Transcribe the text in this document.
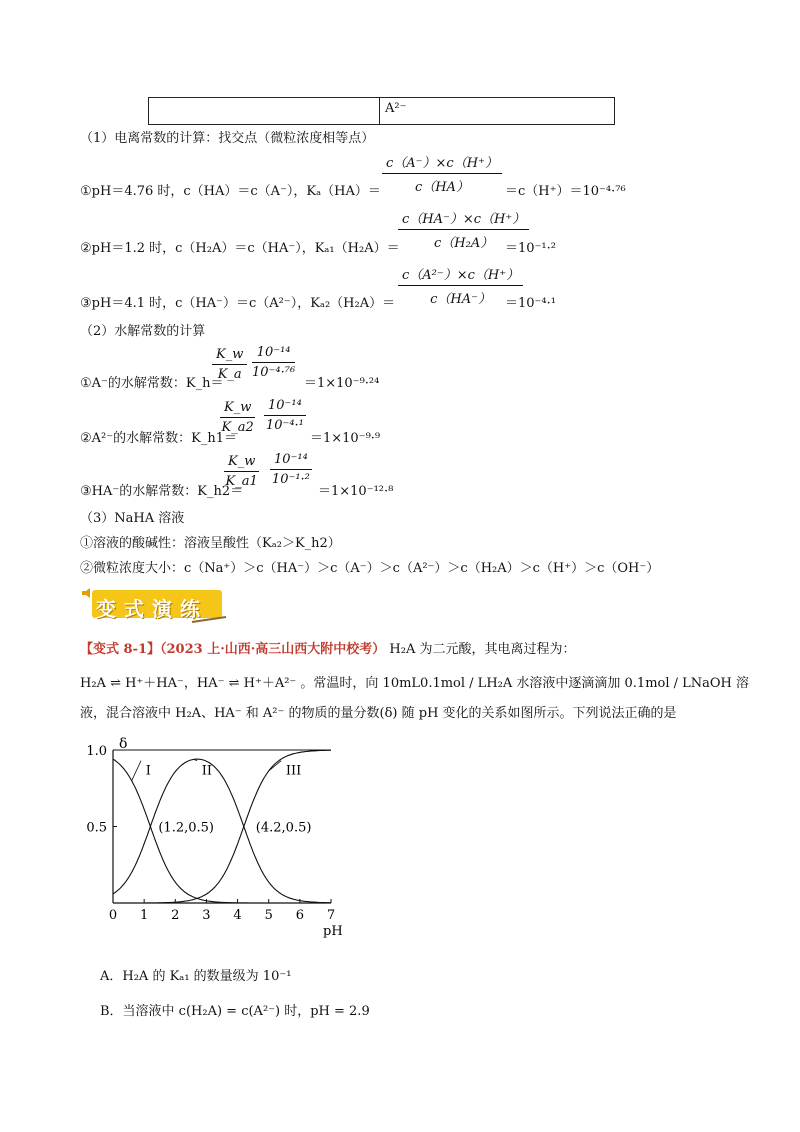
A²⁻
（1）电离常数的计算：找交点（微粒浓度相等点）
①pH＝4.76 时，c（HA）＝c（A⁻），$K_a(HA)= \frac{c(A^-)\times c(H^+)}{c(HA)} =c(H^+)=10^{-4}\cdot^{76}$
②pH＝1.2 时，c（H₂A）＝c（HA⁻），Kₐ₁（H₂A）＝
$\frac{c(HA^-)\times c(H^+)}{\text{c（H₂A）}}$
＝10⁻¹·²
③pH＝4.1 时，c（HA⁻）＝c（A²⁻），$K_{a2}(H_2A)= \frac{\text{c（A²⁻）×c（H⁺）}}{c(HA^-)}$
＝10⁻⁴·¹
（2）水解常数的计算
①A⁻的水解常数：K_h＝
$\frac{K\_w}{K\_a} \frac{\text{10⁻¹⁴}}{\text{10⁻⁴·⁷⁶}}$
＝1×10⁻⁹·²⁴
②A²⁻的水解常数：K_h1＝
$\frac{K\_w}{K\_a2} \frac{\text{10⁻¹⁴}}{\text{10⁻⁴·¹}}$
＝1×10⁻⁹·⁹
③HA⁻的水解常数：K_h2＝
$\frac{K\_w}{K\_a1} \frac{\text{10⁻¹⁴}}{\text{10⁻¹·²}}$
＝1×10⁻¹²·⁸
（3）NaHA 溶液
①溶液的酸碱性：溶液呈酸性（Kₐ₂＞K_h2）
②微粒浓度大小：c（Na⁺）＞c（HA⁻）＞c（A⁻）＞c（A²⁻）＞c（H₂A）＞c（H⁺）＞c（OH⁻）
变式演练
【变式 8-1】（2023 上·山西·高三山西大附中校考） H₂A 为二元酸，其电离过程为：
H₂A ⇌ H⁺＋HA⁻，HA⁻ ⇌ H⁺＋A²⁻ 。常温时，向 10mL0.1mol / LH₂A 水溶液中逐滴滴加 0.1mol / LNaOH 溶
液，混合溶液中 H₂A、HA⁻ 和 A²⁻ 的物质的量分数(δ) 随 pH 变化的关系如图所示。下列说法正确的是
0 1 2 3 4 5 6 7
0.5
1.0 δ
pH
I	II	III
(1.2,0.5)	(4.2,0.5)
A．H₂A 的 Kₐ₁ 的数量级为 10⁻¹
B．当溶液中 c(H₂A) = c(A²⁻) 时，pH = 2.9
